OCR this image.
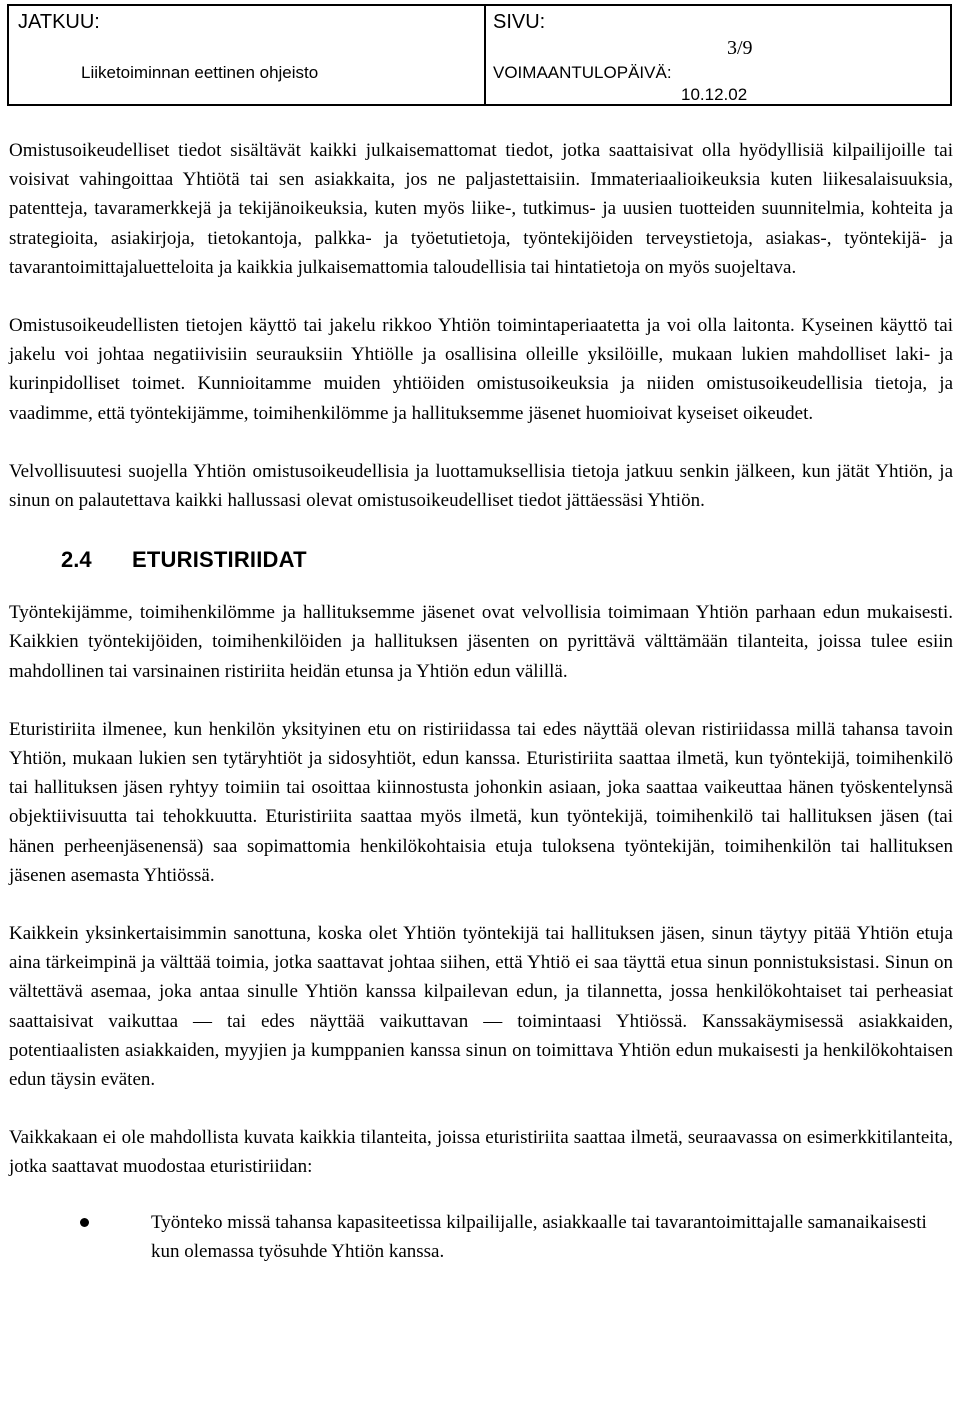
JATKUU:
Liiketoiminnan eettinen ohjeisto
SIVU:
3/9
VOIMAANTULOPÄIVÄ:
10.12.02

Omistusoikeudelliset tiedot sisältävät kaikki julkaisemattomat tiedot, jotka saattaisivat olla hyödyllisiä kilpailijoille tai voisivat vahingoittaa Yhtiötä tai sen asiakkaita, jos ne paljastettaisiin. Immateriaalioikeuksia kuten liikesalaisuuksia, patentteja, tavaramerkkejä ja tekijänoikeuksia, kuten myös liike-, tutkimus- ja uusien tuotteiden suunnitelmia, kohteita ja strategioita, asiakirjoja, tietokantoja, palkka- ja työetutietoja, työntekijöiden terveystietoja, asiakas-, työntekijä- ja tavarantoimittajaluetteloita ja kaikkia julkaisemattomia taloudellisia tai hintatietoja on myös suojeltava.

Omistusoikeudellisten tietojen käyttö tai jakelu rikkoo Yhtiön toimintaperiaatetta ja voi olla laitonta. Kyseinen käyttö tai jakelu voi johtaa negatiivisiin seurauksiin Yhtiölle ja osallisina olleille yksilöille, mukaan lukien mahdolliset laki- ja kurinpidolliset toimet. Kunnioitamme muiden yhtiöiden omistusoikeuksia ja niiden omistusoikeudellisia tietoja, ja vaadimme, että työntekijämme, toimihenkilömme ja hallituksemme jäsenet huomioivat kyseiset oikeudet.

Velvollisuutesi suojella Yhtiön omistusoikeudellisia ja luottamuksellisia tietoja jatkuu senkin jälkeen, kun jätät Yhtiön, ja sinun on palautettava kaikki hallussasi olevat omistusoikeudelliset tiedot jättäessäsi Yhtiön.

2.4	ETURISTIRIIDAT

Työntekijämme, toimihenkilömme ja hallituksemme jäsenet ovat velvollisia toimimaan Yhtiön parhaan edun mukaisesti. Kaikkien työntekijöiden, toimihenkilöiden ja hallituksen jäsenten on pyrittävä välttämään tilanteita, joissa tulee esiin mahdollinen tai varsinainen ristiriita heidän etunsa ja Yhtiön edun välillä.

Eturistiriita ilmenee, kun henkilön yksityinen etu on ristiriidassa tai edes näyttää olevan ristiriidassa millä tahansa tavoin Yhtiön, mukaan lukien sen tytäryhtiöt ja sidosyhtiöt, edun kanssa. Eturistiriita saattaa ilmetä, kun työntekijä, toimihenkilö tai hallituksen jäsen ryhtyy toimiin tai osoittaa kiinnostusta johonkin asiaan, joka saattaa vaikeuttaa hänen työskentelynsä objektiivisuutta tai tehokkuutta. Eturistiriita saattaa myös ilmetä, kun työntekijä, toimihenkilö tai hallituksen jäsen (tai hänen perheenjäsenensä) saa sopimattomia henkilökohtaisia etuja tuloksena työntekijän, toimihenkilön tai hallituksen jäsenen asemasta Yhtiössä.

Kaikkein yksinkertaisimmin sanottuna, koska olet Yhtiön työntekijä tai hallituksen jäsen, sinun täytyy pitää Yhtiön etuja aina tärkeimpinä ja välttää toimia, jotka saattavat johtaa siihen, että Yhtiö ei saa täyttä etua sinun ponnistuksistasi. Sinun on vältettävä asemaa, joka antaa sinulle Yhtiön kanssa kilpailevan edun, ja tilannetta, jossa henkilökohtaiset tai perheasiat saattaisivat vaikuttaa — tai edes näyttää vaikuttavan — toimintaasi Yhtiössä. Kanssakäymisessä asiakkaiden, potentiaalisten asiakkaiden, myyjien ja kumppanien kanssa sinun on toimittava Yhtiön edun mukaisesti ja henkilökohtaisen edun täysin eväten.

Vaikkakaan ei ole mahdollista kuvata kaikkia tilanteita, joissa eturistiriita saattaa ilmetä, seuraavassa on esimerkkitilanteita, jotka saattavat muodostaa eturistiriidan:

Työnteko missä tahansa kapasiteetissa kilpailijalle, asiakkaalle tai tavarantoimittajalle samanaikaisesti kun olemassa työsuhde Yhtiön kanssa.
